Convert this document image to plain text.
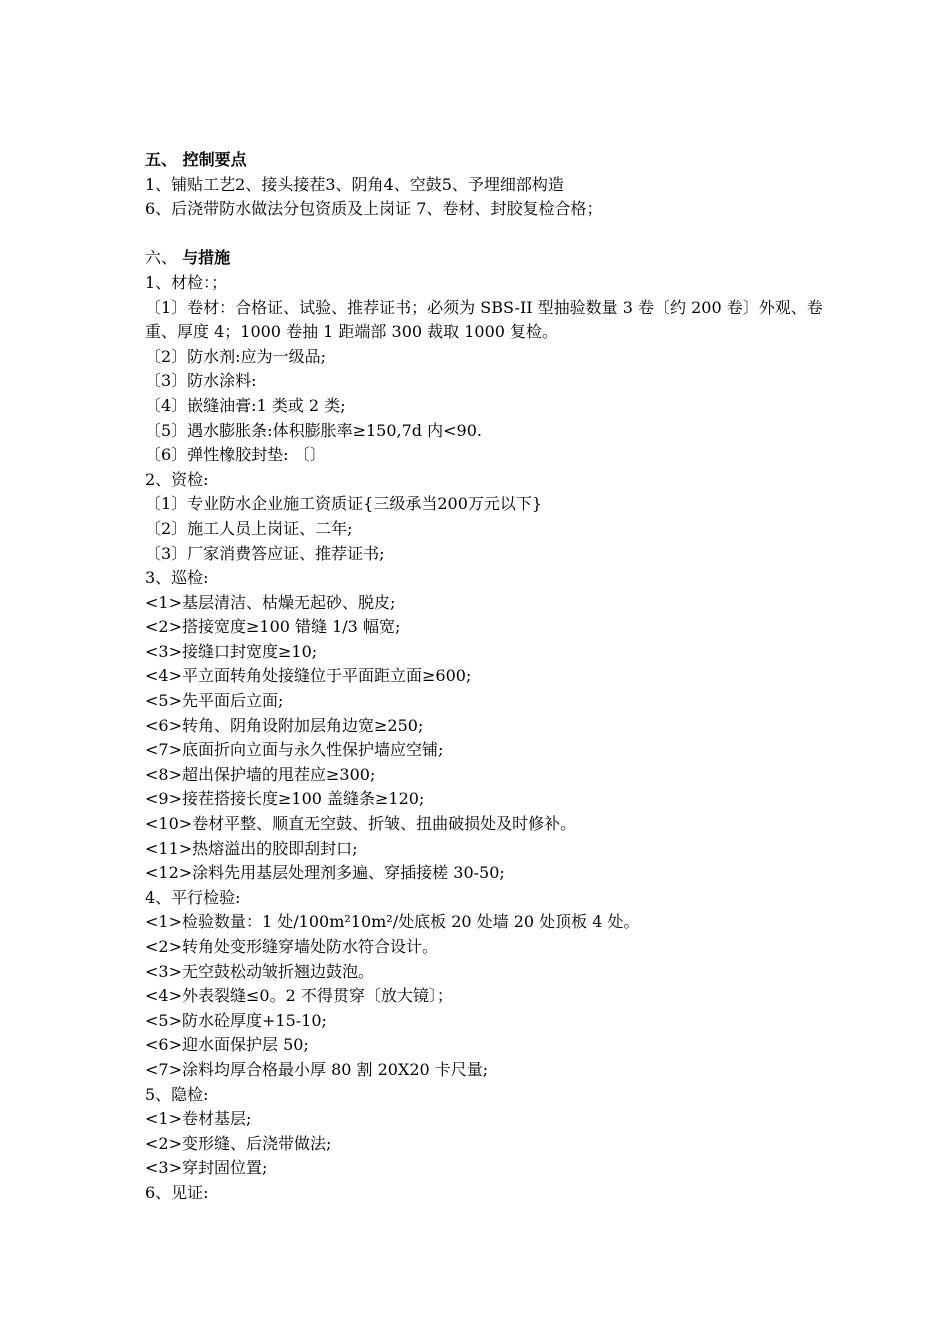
五、 控制要点
1、铺贴工艺2、接头接茬3、阴角4、空鼓5、予埋细部构造
6、后浇带防水做法分包资质及上岗证 7、卷材、封胶复检合格；
六、 与措施
1、材检：；
〔1〕卷材：合格证、试验、推荐证书；必须为 SBS-II 型抽验数量 3 卷〔约 200 卷〕外观、卷重、厚度 4；1000 卷抽 1 距端部 300 裁取 1000 复检。
〔2〕防水剂:应为一级品;
〔3〕防水涂料:
〔4〕嵌缝油膏:1 类或 2 类;
〔5〕遇水膨胀条:体积膨胀率≥150,7d 内<90.
〔6〕弹性橡胶封垫: 〔〕
2、资检:
〔1〕专业防水企业施工资质证{三级承当200万元以下}
〔2〕施工人员上岗证、二年;
〔3〕厂家消费答应证、推荐证书;
3、巡检:
<1>基层清洁、枯燥无起砂、脱皮;
<2>搭接宽度≥100 错缝 1/3 幅宽;
<3>接缝口封宽度≥10;
<4>平立面转角处接缝位于平面距立面≥600;
<5>先平面后立面;
<6>转角、阴角设附加层角边宽≥250;
<7>底面折向立面与永久性保护墙应空铺;
<8>超出保护墙的甩茬应≥300;
<9>接茬搭接长度≥100 盖缝条≥120;
<10>卷材平整、顺直无空鼓、折皱、扭曲破损处及时修补。
<11>热熔溢出的胶即刮封口;
<12>涂料先用基层处理剂多遍、穿插接槎 30-50;
4、平行检验:
<1>检验数量：1 处/100m²10m²/处底板 20 处墙 20 处顶板 4 处。
<2>转角处变形缝穿墙处防水符合设计。
<3>无空鼓松动皱折翘边鼓泡。
<4>外表裂缝≤0。2 不得贯穿〔放大镜〕；
<5>防水砼厚度+15-10;
<6>迎水面保护层 50;
<7>涂料均厚合格最小厚 80 割 20X20 卡尺量;
5、隐检:
<1>卷材基层;
<2>变形缝、后浇带做法;
<3>穿封固位置;
6、见证:
